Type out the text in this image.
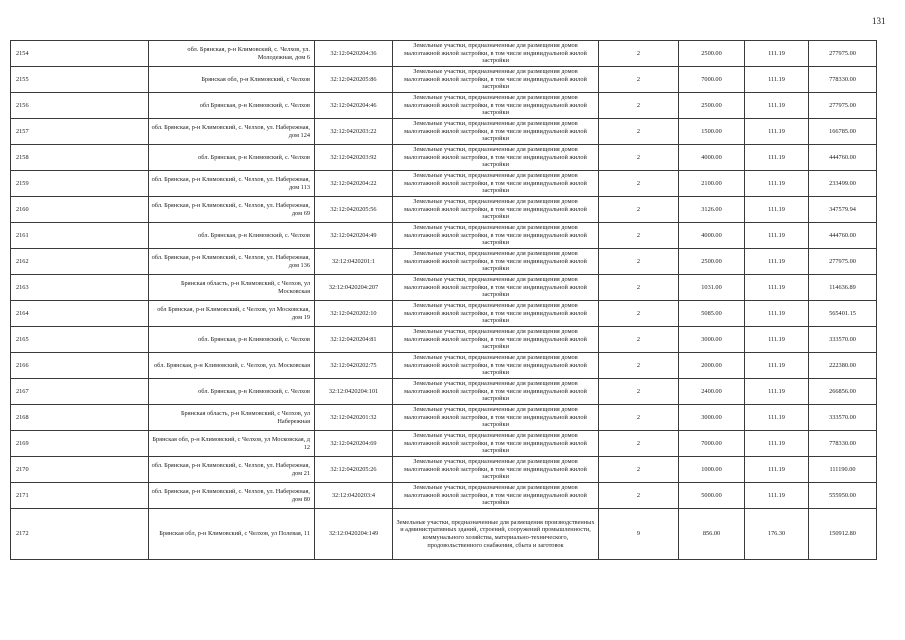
131
2154	обл. Брянская, р-н Климовский, с. Челхов, ул. Молодежная, дом 6	32:12:0420204:36	Земельные участки, предназначенные для размещения домов малоэтажной жилой застройки, в том числе индивидуальной жилой застройки	2	2500.00	111.19	277975.00
2155	Брянская обл, р-н Климовский, с Челхов	32:12:0420205:86	Земельные участки, предназначенные для размещения домов малоэтажной жилой застройки, в том числе индивидуальной жилой застройки	2	7000.00	111.19	778330.00
2156	обл Брянская, р-н Климовский, с. Челхов	32:12:0420204:46	Земельные участки, предназначенные для размещения домов малоэтажной жилой застройки, в том числе индивидуальной жилой застройки	2	2500.00	111.19	277975.00
2157	обл. Брянская, р-н Климовский, с. Челхов, ул. Набережная, дом 124	32:12:0420203:22	Земельные участки, предназначенные для размещения домов малоэтажной жилой застройки, в том числе индивидуальной жилой застройки	2	1500.00	111.19	166785.00
2158	обл. Брянская, р-н Климовский, с. Челхов	32:12:0420203:92	Земельные участки, предназначенные для размещения домов малоэтажной жилой застройки, в том числе индивидуальной жилой застройки	2	4000.00	111.19	444760.00
2159	обл. Брянская, р-н Климовский, с. Челхов, ул. Набережная, дом 113	32:12:0420204:22	Земельные участки, предназначенные для размещения домов малоэтажной жилой застройки, в том числе индивидуальной жилой застройки	2	2100.00	111.19	233499.00
2160	обл. Брянская, р-н Климовский, с. Челхов, ул. Набережная, дом 69	32:12:0420205:56	Земельные участки, предназначенные для размещения домов малоэтажной жилой застройки, в том числе индивидуальной жилой застройки	2	3126.00	111.19	347579.94
2161	обл. Брянская, р-н Климовский, с. Челхов	32:12:0420204:49	Земельные участки, предназначенные для размещения домов малоэтажной жилой застройки, в том числе индивидуальной жилой застройки	2	4000.00	111.19	444760.00
2162	обл. Брянская, р-н Климовский, с. Челхов, ул. Набережная, дом 136	32:12:0420201:1	Земельные участки, предназначенные для размещения домов малоэтажной жилой застройки, в том числе индивидуальной жилой застройки	2	2500.00	111.19	277975.00
2163	Брянская область, р-н Климовский, с Челхов, ул Московская	32:12:0420204:207	Земельные участки, предназначенные для размещения домов малоэтажной жилой застройки, в том числе индивидуальной жилой застройки	2	1031.00	111.19	114636.89
2164	обл Брянская, р-н Климовский, с Челхов, ул Московская, дом 19	32:12:0420202:10	Земельные участки, предназначенные для размещения домов малоэтажной жилой застройки, в том числе индивидуальной жилой застройки	2	5085.00	111.19	565401.15
2165	обл. Брянская, р-н Климовский, с. Челхов	32:12:0420204:81	Земельные участки, предназначенные для размещения домов малоэтажной жилой застройки, в том числе индивидуальной жилой застройки	2	3000.00	111.19	333570.00
2166	обл. Брянская, р-н Климовский, с. Челхов, ул. Московская	32:12:0420202:75	Земельные участки, предназначенные для размещения домов малоэтажной жилой застройки, в том числе индивидуальной жилой застройки	2	2000.00	111.19	222380.00
2167	обл. Брянская, р-н Климовский, с. Челхов	32:12:0420204:101	Земельные участки, предназначенные для размещения домов малоэтажной жилой застройки, в том числе индивидуальной жилой застройки	2	2400.00	111.19	266856.00
2168	Брянская область, р-н Климовский, с Челхов, ул Набережная	32:12:0420201:32	Земельные участки, предназначенные для размещения домов малоэтажной жилой застройки, в том числе индивидуальной жилой застройки	2	3000.00	111.19	333570.00
2169	Брянская обл, р-н Климовский, с Челхов, ул Московская, д 12	32:12:0420204:69	Земельные участки, предназначенные для размещения домов малоэтажной жилой застройки, в том числе индивидуальной жилой застройки	2	7000.00	111.19	778330.00
2170	обл. Брянская, р-н Климовский, с. Челхов, ул. Набережная, дом 21	32:12:0420205:26	Земельные участки, предназначенные для размещения домов малоэтажной жилой застройки, в том числе индивидуальной жилой застройки	2	1000.00	111.19	111190.00
2171	обл. Брянская, р-н Климовский, с. Челхов, ул. Набережная, дом 80	32:12:0420203:4	Земельные участки, предназначенные для размещения домов малоэтажной жилой застройки, в том числе индивидуальной жилой застройки	2	5000.00	111.19	555950.00
2172	Брянская обл, р-н Климовский, с Челхов, ул Полевая, 11	32:12:0420204:149	Земельные участки, предназначенные для размещения производственных и административных зданий, строений, сооружений промышленности, коммунального хозяйства, материально-технического, продовольственного снабжения, сбыта и заготовок	9	856.00	176.30	150912.80
